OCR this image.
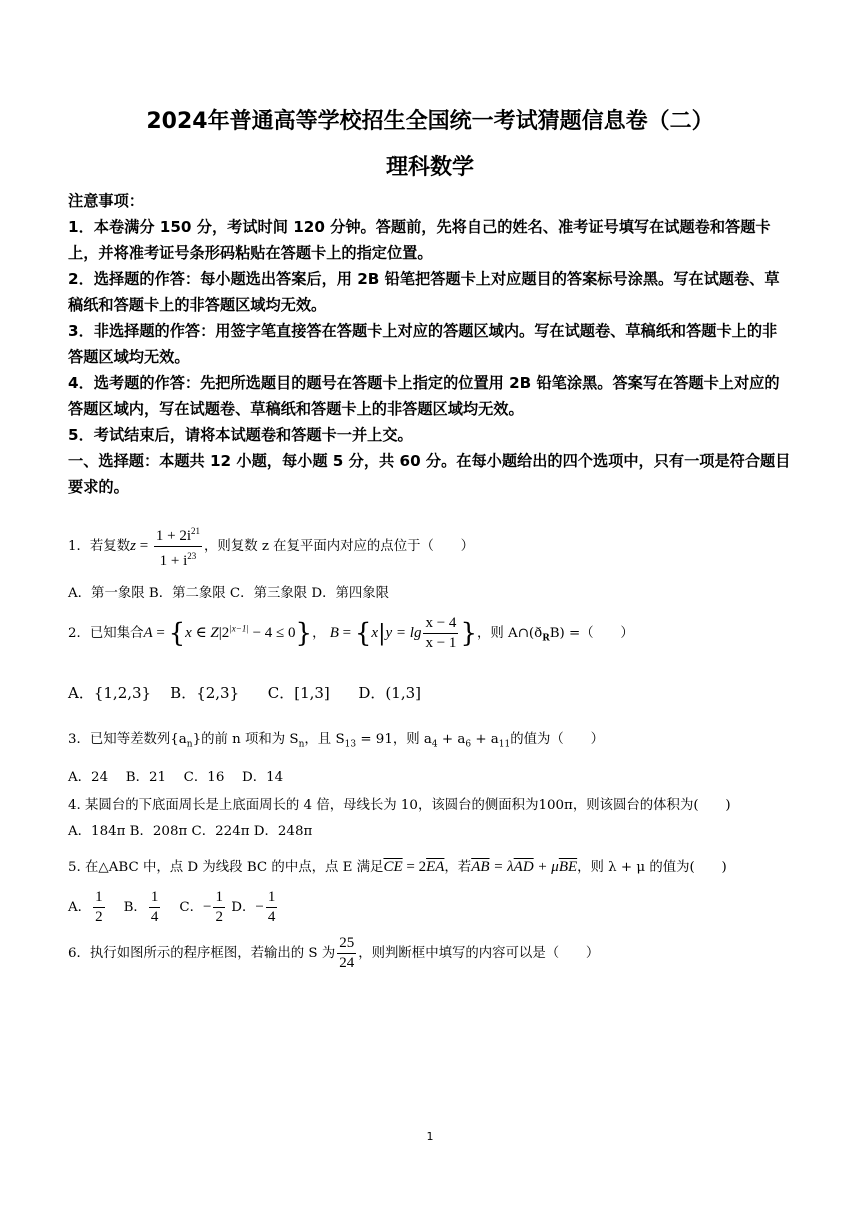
2024年普通高等学校招生全国统一考试猜题信息卷（二）
理科数学

注意事项：

1．本卷满分 150 分，考试时间 120 分钟。答题前，先将自己的姓名、准考证号填写在试题卷和答题卡上，并将准考证号条形码粘贴在答题卡上的指定位置。

2．选择题的作答：每小题选出答案后，用 2B 铅笔把答题卡上对应题目的答案标号涂黑。写在试题卷、草稿纸和答题卡上的非答题区域均无效。

3．非选择题的作答：用签字笔直接答在答题卡上对应的答题区域内。写在试题卷、草稿纸和答题卡上的非答题区域均无效。

4．选考题的作答：先把所选题目的题号在答题卡上指定的位置用 2B 铅笔涂黑。答案写在答题卡上对应的答题区域内，写在试题卷、草稿纸和答题卡上的非答题区域均无效。

5．考试结束后，请将本试题卷和答题卡一并上交。

一、选择题：本题共 12 小题，每小题 5 分，共 60 分。在每小题给出的四个选项中，只有一项是符合题目要求的。

1．若复数$z = \frac{1 + 2i^{21}}{1 + i^{23}}$ ，则复数 z 在复平面内对应的点位于（　　）
A．第一象限 B．第二象限 C．第三象限 D．第四象限
2．已知集合A = {x ∈ $Z|2^{|x-1|} - 4 \le 0$}， $B = \{x|y = \lg \frac{x - 4}{x - 1}$ }，则 $A\cap(ð_RB)$ =（　　）
A．{1,2,3} B．{2,3} C．[1,3] D．(1,3]
3．已知等差数列$\{a_n\}$的前 n 项和为 $S_n$，且 $S_{13} = 91$，则 $a_4 + a_6 + a_{11}$的值为（　　）
A．24　 B．21　 C．16　 D．14
4. 某圆台的下底面周长是上底面周长的 4 倍，母线长为 10，该圆台的侧面积为100π，则该圆台的体积为(　　)
A．184π B．208π C．224π D．248π
5. 在△ABC 中，点 D 为线段 BC 的中点，点 E 满足$\overline{CE} = 2\overline{EA}$，若$\overline{AB} = \lambda\overline{AD} + \mu\overline{BE}$，则 λ + μ 的值为(　　)
A． $\frac{1}{2}$ B． $\frac{1}{4}$ C．− $\frac{1}{2}$ D．− $\frac{1}{4}$
6．执行如图所示的程序框图，若输出的 S 为 $\frac{25}{24}$ ，则判断框中填写的内容可以是（　　）
1
